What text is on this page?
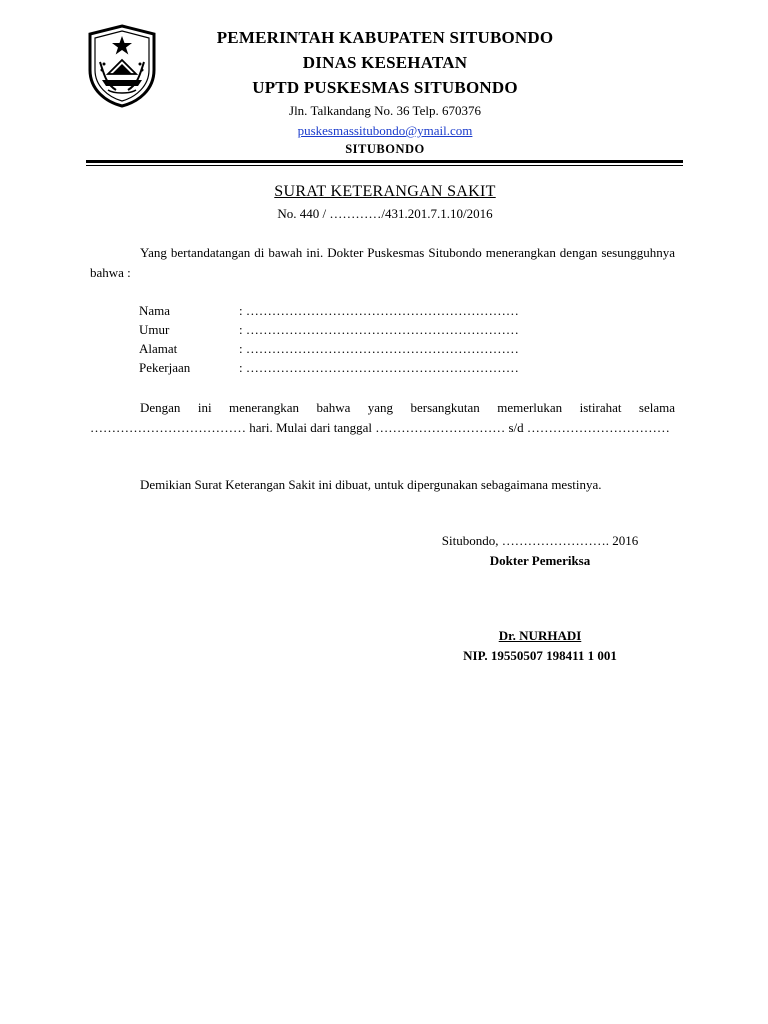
PEMERINTAH KABUPATEN SITUBONDO
DINAS KESEHATAN
UPTD PUSKESMAS SITUBONDO
Jln. Talkandang No. 36 Telp. 670376
puskesmassitubondo@ymail.com
SITUBONDO
SURAT KETERANGAN SAKIT
No. 440 / …………/431.201.7.1.10/2016
Yang bertandatangan di bawah ini. Dokter Puskesmas Situbondo menerangkan dengan sesungguhnya bahwa :
Nama	: ………………………………………………………
Umur	: ………………………………………………………
Alamat	: ………………………………………………………
Pekerjaan	: ………………………………………………………
Dengan ini menerangkan bahwa yang bersangkutan memerlukan istirahat selama ……………………………… hari. Mulai dari tanggal ………………………… s/d ……………………………
Demikian Surat Keterangan Sakit ini dibuat, untuk dipergunakan sebagaimana mestinya.
Situbondo, ……………………. 2016
Dokter Pemeriksa
Dr. NURHADI
NIP. 19550507 198411 1 001
